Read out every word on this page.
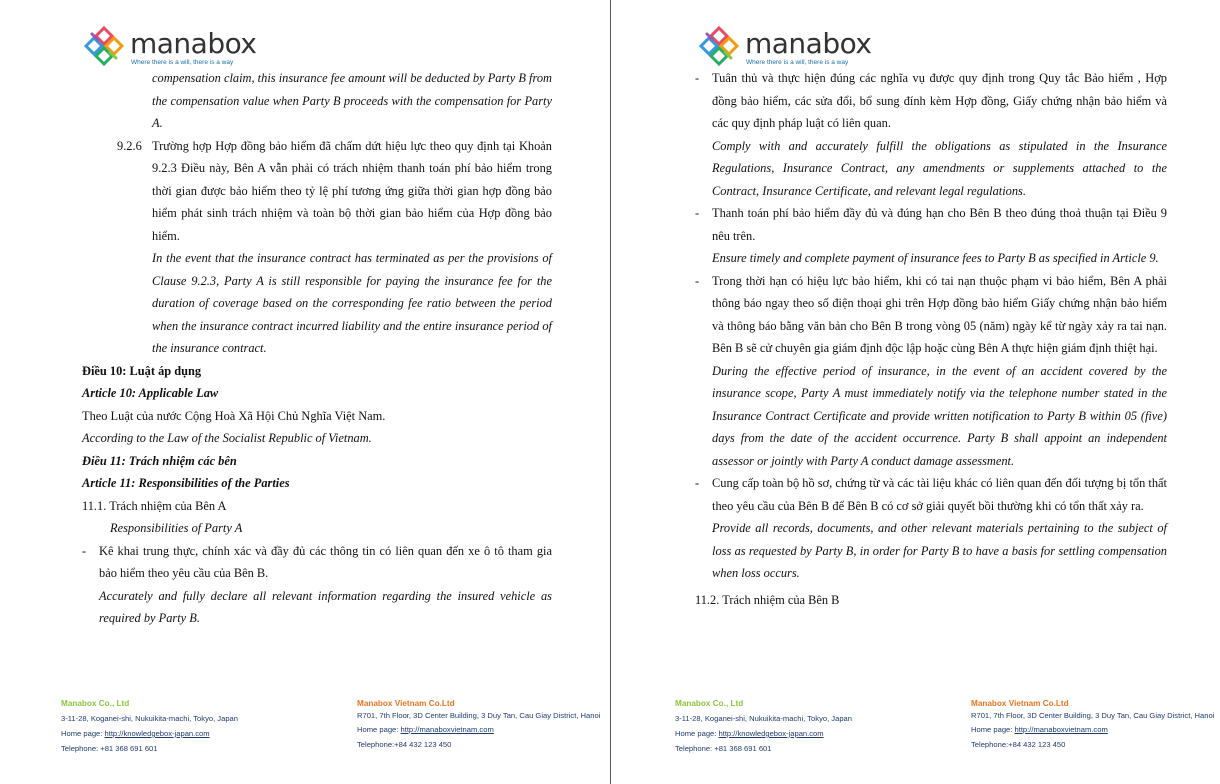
manabox
Where there is a will, there is a way

compensation claim, this insurance fee amount will be deducted by Party B from the compensation value when Party B proceeds with the compensation for Party A.

9.2.6 Trường hợp Hợp đồng bảo hiểm đã chấm dứt hiệu lực theo quy định tại Khoản 9.2.3 Điều này, Bên A vẫn phải có trách nhiệm thanh toán phí bảo hiểm trong thời gian được bảo hiểm theo tỷ lệ phí tương ứng giữa thời gian hợp đồng bảo hiểm phát sinh trách nhiệm và toàn bộ thời gian bảo hiểm của Hợp đồng bảo hiểm.

In the event that the insurance contract has terminated as per the provisions of Clause 9.2.3, Party A is still responsible for paying the insurance fee for the duration of coverage based on the corresponding fee ratio between the period when the insurance contract incurred liability and the entire insurance period of the insurance contract.

Điều 10: Luật áp dụng

Article 10: Applicable Law

Theo Luật của nước Cộng Hoà Xã Hội Chủ Nghĩa Việt Nam.

According to the Law of the Socialist Republic of Vietnam.

Điều 11: Trách nhiệm các bên

Article 11: Responsibilities of the Parties

11.1. Trách nhiệm của Bên A

Responsibilities of Party A

-	Kê khai trung thực, chính xác và đầy đủ các thông tin có liên quan đến xe ô tô tham gia bảo hiểm theo yêu cầu của Bên B.

Accurately and fully declare all relevant information regarding the insured vehicle as required by Party B.

Manabox Co., Ltd
3-11-28, Koganei-shi, Nukuikita-machi, Tokyo, Japan
Home page: http://knowledgebox-japan.com
Telephone: +81 368 691 601
Manabox Vietnam Co.Ltd
R701, 7th Floor, 3D Center Building, 3 Duy Tan, Cau Giay District, Hanoi
Home page: http://manaboxvietnam.com
Telephone:+84 432 123 450
manabox
Where there is a will, there is a way
-	Tuân thủ và thực hiện đúng các nghĩa vụ được quy định trong Quy tắc Bảo hiểm , Hợp đồng bảo hiểm, các sửa đổi, bổ sung đính kèm Hợp đồng, Giấy chứng nhận bảo hiểm và các quy định pháp luật có liên quan.

Comply with and accurately fulfill the obligations as stipulated in the Insurance Regulations, Insurance Contract, any amendments or supplements attached to the Contract, Insurance Certificate, and relevant legal regulations.

-	Thanh toán phí bảo hiểm đầy đủ và đúng hạn cho Bên B theo đúng thoả thuận tại Điều 9 nêu trên.

Ensure timely and complete payment of insurance fees to Party B as specified in Article 9.

-	Trong thời hạn có hiệu lực bảo hiểm, khi có tai nạn thuộc phạm vi bảo hiểm, Bên A phải thông báo ngay theo số điện thoại ghi trên Hợp đồng bảo hiểm Giấy chứng nhận bảo hiểm và thông báo bằng văn bản cho Bên B trong vòng 05 (năm) ngày kể từ ngày xảy ra tai nạn. Bên B sẽ cử chuyên gia giám định độc lập hoặc cùng Bên A thực hiện giám định thiệt hại.

During the effective period of insurance, in the event of an accident covered by the insurance scope, Party A must immediately notify via the telephone number stated in the Insurance Contract Certificate and provide written notification to Party B within 05 (five) days from the date of the accident occurrence. Party B shall appoint an independent assessor or jointly with Party A conduct damage assessment.

-	Cung cấp toàn bộ hồ sơ, chứng từ và các tài liệu khác có liên quan đến đối tượng bị tổn thất theo yêu cầu của Bên B để Bên B có cơ sở giải quyết bồi thường khi có tổn thất xảy ra.

Provide all records, documents, and other relevant materials pertaining to the subject of loss as requested by Party B, in order for Party B to have a basis for settling compensation when loss occurs.

11.2. Trách nhiệm của Bên B

Manabox Co., Ltd
3-11-28, Koganei-shi, Nukuikita-machi, Tokyo, Japan
Home page: http://knowledgebox-japan.com
Telephone: +81 368 691 601
Manabox Vietnam Co.Ltd
R701, 7th Floor, 3D Center Building, 3 Duy Tan, Cau Giay District, Hanoi
Home page: http://manaboxvietnam.com
Telephone:+84 432 123 450
